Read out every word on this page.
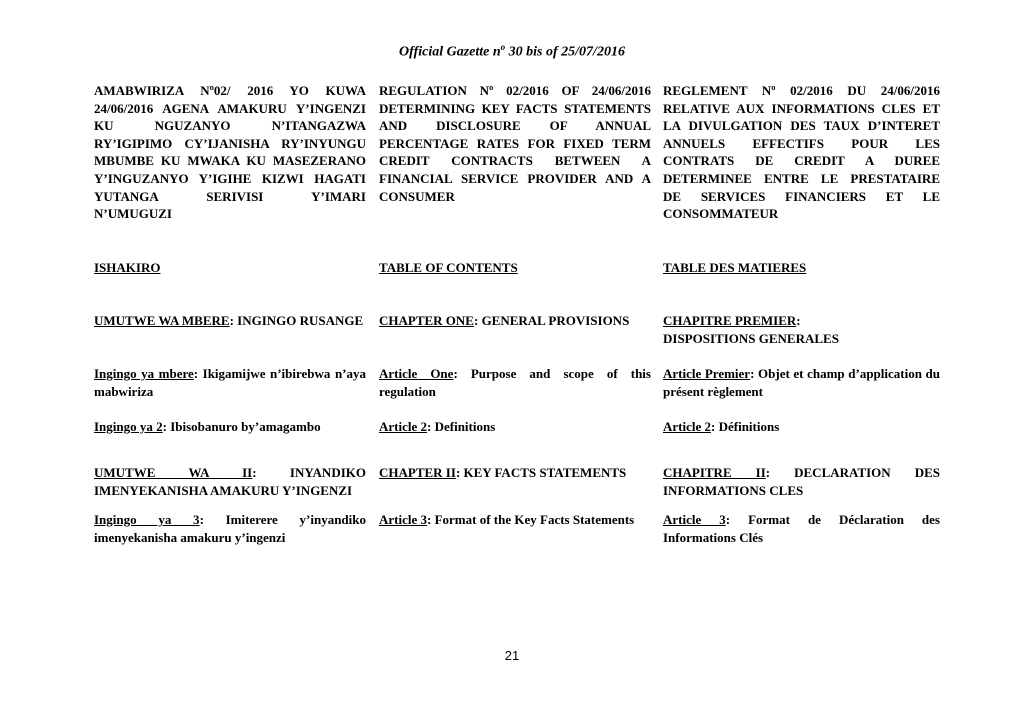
Official Gazette $n^o$ 30 bis of 25/07/2016

AMABWIRIZA Nº02/ 2016 YO KUWA

24/06/2016 AGENA AMAKURU Y’INGENZI

KU NGUZANYO N’ITANGAZWA

RY’IGIPIMO CY’IJANISHA RY’INYUNGU

MBUMBE KU MWAKA KU MASEZERANO

Y’INGUZANYO Y’IGIHE KIZWI HAGATI

YUTANGA SERIVISI Y’IMARI

N’UMUGUZI

ISHAKIRO
UMUTWE WA MBERE: INGINGO RUSANGE
Ingingo ya mbere: Ikigamijwe n’ibirebwa n’aya mabwiriza
Ingingo ya 2: Ibisobanuro by’amagambo
UMUTWE WA II: INYANDIKO IMENYEKANISHA AMAKURU Y’INGENZI
Ingingo ya 3: Imiterere y’inyandiko imenyekanisha amakuru y’ingenzi

REGULATION Nº 02/2016 OF 24/06/2016

DETERMINING KEY FACTS STATEMENTS

AND DISCLOSURE OF ANNUAL

PERCENTAGE RATES FOR FIXED TERM

CREDIT CONTRACTS BETWEEN A

FINANCIAL SERVICE PROVIDER AND A

CONSUMER

TABLE OF CONTENTS
CHAPTER ONE: GENERAL PROVISIONS
Article One: Purpose and scope of this regulation
Article 2: Definitions
CHAPTER II: KEY FACTS STATEMENTS
Article 3: Format of the Key Facts Statements

REGLEMENT Nº 02/2016 DU 24/06/2016

RELATIVE AUX INFORMATIONS CLES ET

LA DIVULGATION DES TAUX D’INTERET

ANNUELS EFFECTIFS POUR LES

CONTRATS DE CREDIT A DUREE

DETERMINEE ENTRE LE PRESTATAIRE

DE SERVICES FINANCIERS ET LE

CONSOMMATEUR

TABLE DES MATIERES

CHAPITRE PREMIER:

DISPOSITIONS GENERALES

Article Premier: Objet et champ d’application du présent règlement
Article 2: Définitions
CHAPITRE II: DECLARATION DES INFORMATIONS CLES
Article 3: Format de Déclaration des Informations Clés
21
